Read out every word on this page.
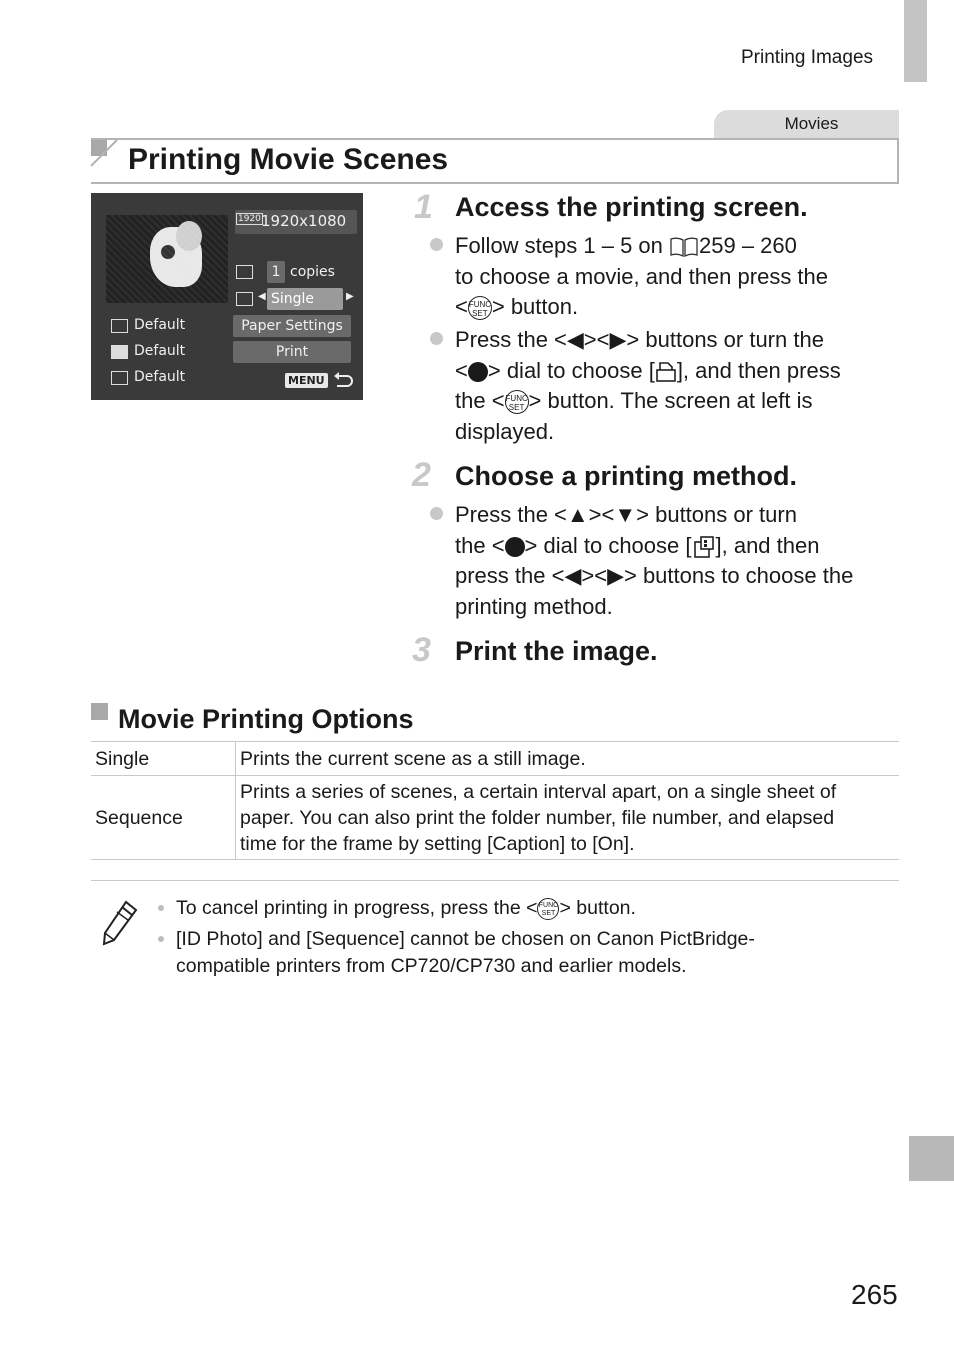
Printing Images
Movies
Printing Movie Scenes
1920 1920x1080
1 copies
◀ Single	▶
Default
Default
Default
Paper Settings
Print
MENU
1 Access the printing screen.
Follow steps 1 – 5 on 259 – 260
to choose a movie, and then press the
<FUNC
SET > button.
Press the <◀><▶> buttons or turn the
< > dial to choose [ ], and then press
the <FUNC
SET > button. The screen at left is
displayed.
2 Choose a printing method.
Press the <▲><▼> buttons or turn
the < > dial to choose [ ], and then
press the <◀><▶> buttons to choose the
printing method.
3 Print the image.
Movie Printing Options
Single	Prints the current scene as a still image.

Sequence	Prints a series of scenes, a certain interval apart, on a single sheet of
paper. You can also print the folder number, file number, and elapsed
time for the frame by setting [Caption] to [On].
To cancel printing in progress, press the <FUNC
SET > button.
[ID Photo] and [Sequence] cannot be chosen on Canon PictBridge-
compatible printers from CP720/CP730 and earlier models.
265
